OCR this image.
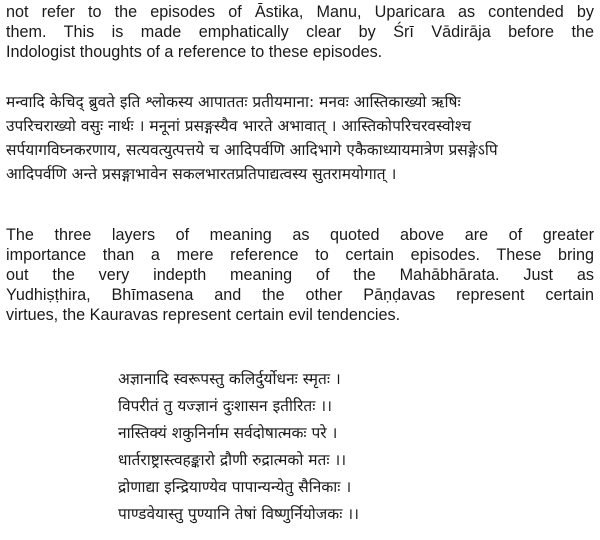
not refer to the episodes of Āstika, Manu, Uparicara as contended by
them. This is made emphatically clear by Śrī Vādirāja before the
Indologist thoughts of a reference to these episodes.
मन्वादि केचिद् ब्रुवते इति श्लोकस्य आपाततः प्रतीयमाना: मनवः आस्तिकाख्यो ऋषिः
उपरिचराख्यो वसुः नार्थः । मनूनां प्रसङ्गस्यैव भारते अभावात् । आस्तिकोपरिचरवस्वोश्च
सर्पयागविघ्नकरणाय, सत्यवत्युत्पत्तये च आदिपर्वणि आदिभागे एकैकाध्यायमात्रेण प्रसङ्गेऽपि
आदिपर्वणि अन्ते प्रसङ्गाभावेन सकलभारतप्रतिपाद्यत्वस्य सुतरामयोगात् ।
The three layers of meaning as quoted above are of greater
importance than a mere reference to certain episodes. These bring
out the very indepth meaning of the Mahābhārata. Just as
Yudhiṣṭhira, Bhīmasena and the other Pāṇḍavas represent certain
virtues, the Kauravas represent certain evil tendencies.
अज्ञानादि स्वरूपस्तु कलिर्दुर्योधनः स्मृतः ।
विपरीतं तु यज्ज्ञानं दुःशासन इतीरितः ।।
नास्तिक्यं शकुनिर्नाम सर्वदोषात्मकः परे ।
धार्तराष्ट्रास्त्वहङ्कारो द्रौणी रुद्रात्मको मतः ।।
द्रोणाद्या इन्द्रियाण्येव पापान्यन्येतु सैनिकाः ।
पाण्डवेयास्तु पुण्यानि तेषां विष्णुर्नियोजकः ।।
